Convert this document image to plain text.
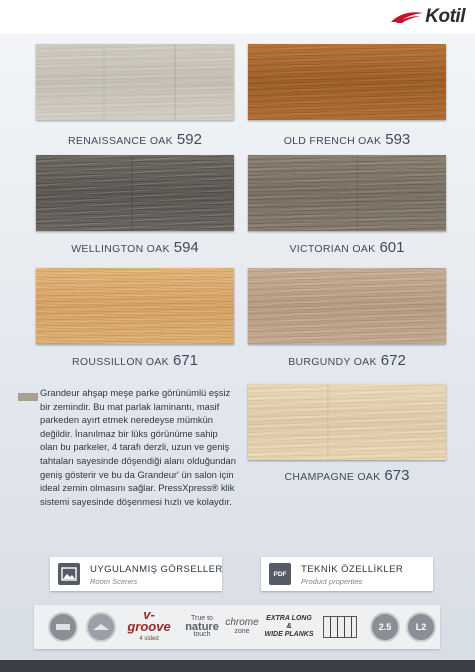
Kotil
RENAISSANCE OAK 592	OLD FRENCH OAK 593
WELLINGTON OAK 594	VICTORIAN OAK 601
ROUSSILLON OAK 671	BURGUNDY OAK 672
CHAMPAGNE OAK 673
Grandeur ahşap meşe parke görünümlü eşsiz bir zemindir. Bu mat parlak laminantı, masif parkeden ayırt etmek neredeyse mümkün değildir. İnanılmaz bir lüks görünüme sahip olan bu parkeler, 4 tarafı derzli, uzun ve geniş tahtaları sayesinde döşendiği alanı olduğundan geniş gösterir ve bu da Grandeur' ün salon için ideal zemin olmasını sağlar. PressXpress® klik sistemi sayesinde döşenmesi hızlı ve kolaydır.
UYGULANMIŞ GÖRSELLER
Room Scenes
PDF TEKNİK ÖZELLİKLER
Product properties
v-groove
4 sided
True to
nature
touch
chrome
zone
EXTRA LONG &
WIDE PLANKS
2.5	L2
